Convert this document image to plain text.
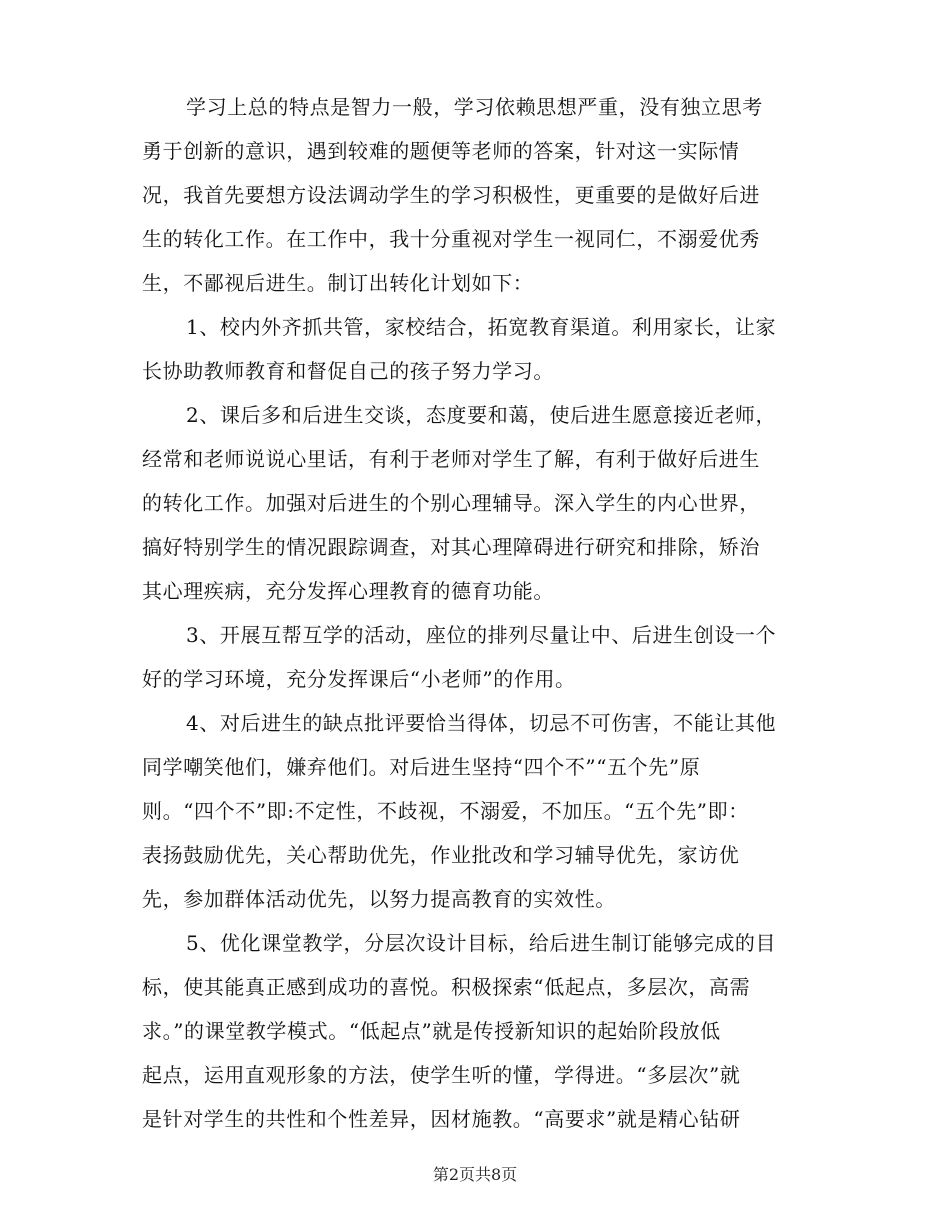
学习上总的特点是智力一般，学习依赖思想严重，没有独立思考
勇于创新的意识，遇到较难的题便等老师的答案，针对这一实际情
况，我首先要想方设法调动学生的学习积极性，更重要的是做好后进
生的转化工作。在工作中，我十分重视对学生一视同仁，不溺爱优秀
生，不鄙视后进生。制订出转化计划如下：
1、校内外齐抓共管，家校结合，拓宽教育渠道。利用家长，让家
长协助教师教育和督促自己的孩子努力学习。
2、课后多和后进生交谈，态度要和蔼，使后进生愿意接近老师，
经常和老师说说心里话，有利于老师对学生了解，有利于做好后进生
的转化工作。加强对后进生的个别心理辅导。深入学生的内心世界，
搞好特别学生的情况跟踪调查，对其心理障碍进行研究和排除，矫治
其心理疾病，充分发挥心理教育的德育功能。
3、开展互帮互学的活动，座位的排列尽量让中、后进生创设一个
好的学习环境，充分发挥课后“小老师”的作用。
4、对后进生的缺点批评要恰当得体，切忌不可伤害，不能让其他
同学嘲笑他们，嫌弃他们。对后进生坚持“四个不”“五个先”原
则。“四个不”即:不定性，不歧视，不溺爱，不加压。“五个先”即：
表扬鼓励优先，关心帮助优先，作业批改和学习辅导优先，家访优
先，参加群体活动优先，以努力提高教育的实效性。
5、优化课堂教学，分层次设计目标，给后进生制订能够完成的目
标，使其能真正感到成功的喜悦。积极探索“低起点，多层次，高需
求。”的课堂教学模式。“低起点”就是传授新知识的起始阶段放低
起点，运用直观形象的方法，使学生听的懂，学得进。“多层次”就
是针对学生的共性和个性差异，因材施教。“高要求”就是精心钻研
第2页共8页
